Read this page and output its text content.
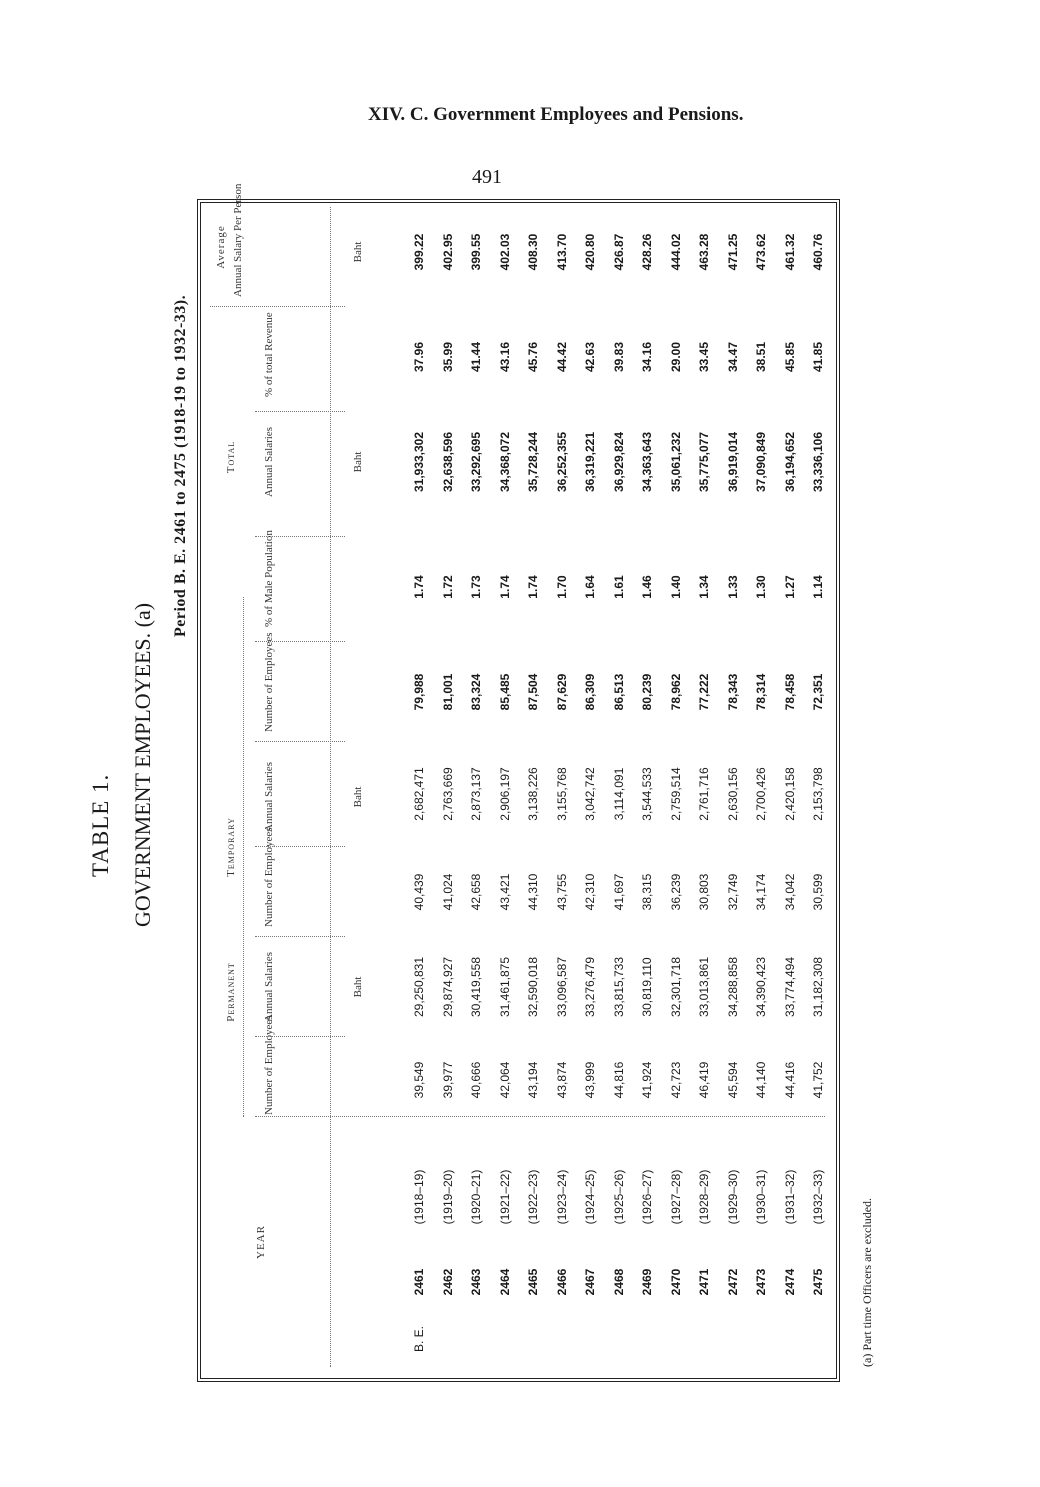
XIV. C. Government Employees and Pensions.
491
TABLE 1. GOVERNMENT EMPLOYEES. (a)
Period B. E. 2461 to 2475 (1918-19 to 1932-33).
Average
Total
Temporary
Permanent
YEAR
Number of Employees
Annual Salaries
Number of Employees
Annual Salaries
Number of Employees
% of Male Population
Annual Salaries
% of total Revenue
Annual Salary Per Person
Baht
Baht
Baht
Baht
(a) Part time Officers are excluded.
B. E.
2461
(1918–19)
39,549
29,250,831
40,439
2,682,471
79,988
1.74
31,933,302
37.96
399.22
2462
(1919–20)
39,977
29,874,927
41,024
2,763,669
81,001
1.72
32,638,596
35.99
402.95
2463
(1920–21)
40,666
30,419,558
42,658
2,873,137
83,324
1.73
33,292,695
41.44
399.55
2464
(1921–22)
42,064
31,461,875
43,421
2,906,197
85,485
1.74
34,368,072
43.16
402.03
2465
(1922–23)
43,194
32,590,018
44,310
3,138,226
87,504
1.74
35,728,244
45.76
408.30
2466
(1923–24)
43,874
33,096,587
43,755
3,155,768
87,629
1.70
36,252,355
44.42
413.70
2467
(1924–25)
43,999
33,276,479
42,310
3,042,742
86,309
1.64
36,319,221
42.63
420.80
2468
(1925–26)
44,816
33,815,733
41,697
3,114,091
86,513
1.61
36,929,824
39.83
426.87
2469
(1926–27)
41,924
30,819,110
38,315
3,544,533
80,239
1.46
34,363,643
34.16
428.26
2470
(1927–28)
42,723
32,301,718
36,239
2,759,514
78,962
1.40
35,061,232
29.00
444.02
2471
(1928–29)
46,419
33,013,861
30,803
2,761,716
77,222
1.34
35,775,077
33.45
463.28
2472
(1929–30)
45,594
34,288,858
32,749
2,630,156
78,343
1.33
36,919,014
34.47
471.25
2473
(1930–31)
44,140
34,390,423
34,174
2,700,426
78,314
1.30
37,090,849
38.51
473.62
2474
(1931–32)
44,416
33,774,494
34,042
2,420,158
78,458
1.27
36,194,652
45.85
461.32
2475
(1932–33)
41,752
31,182,308
30,599
2,153,798
72,351
1.14
33,336,106
41.85
460.76
